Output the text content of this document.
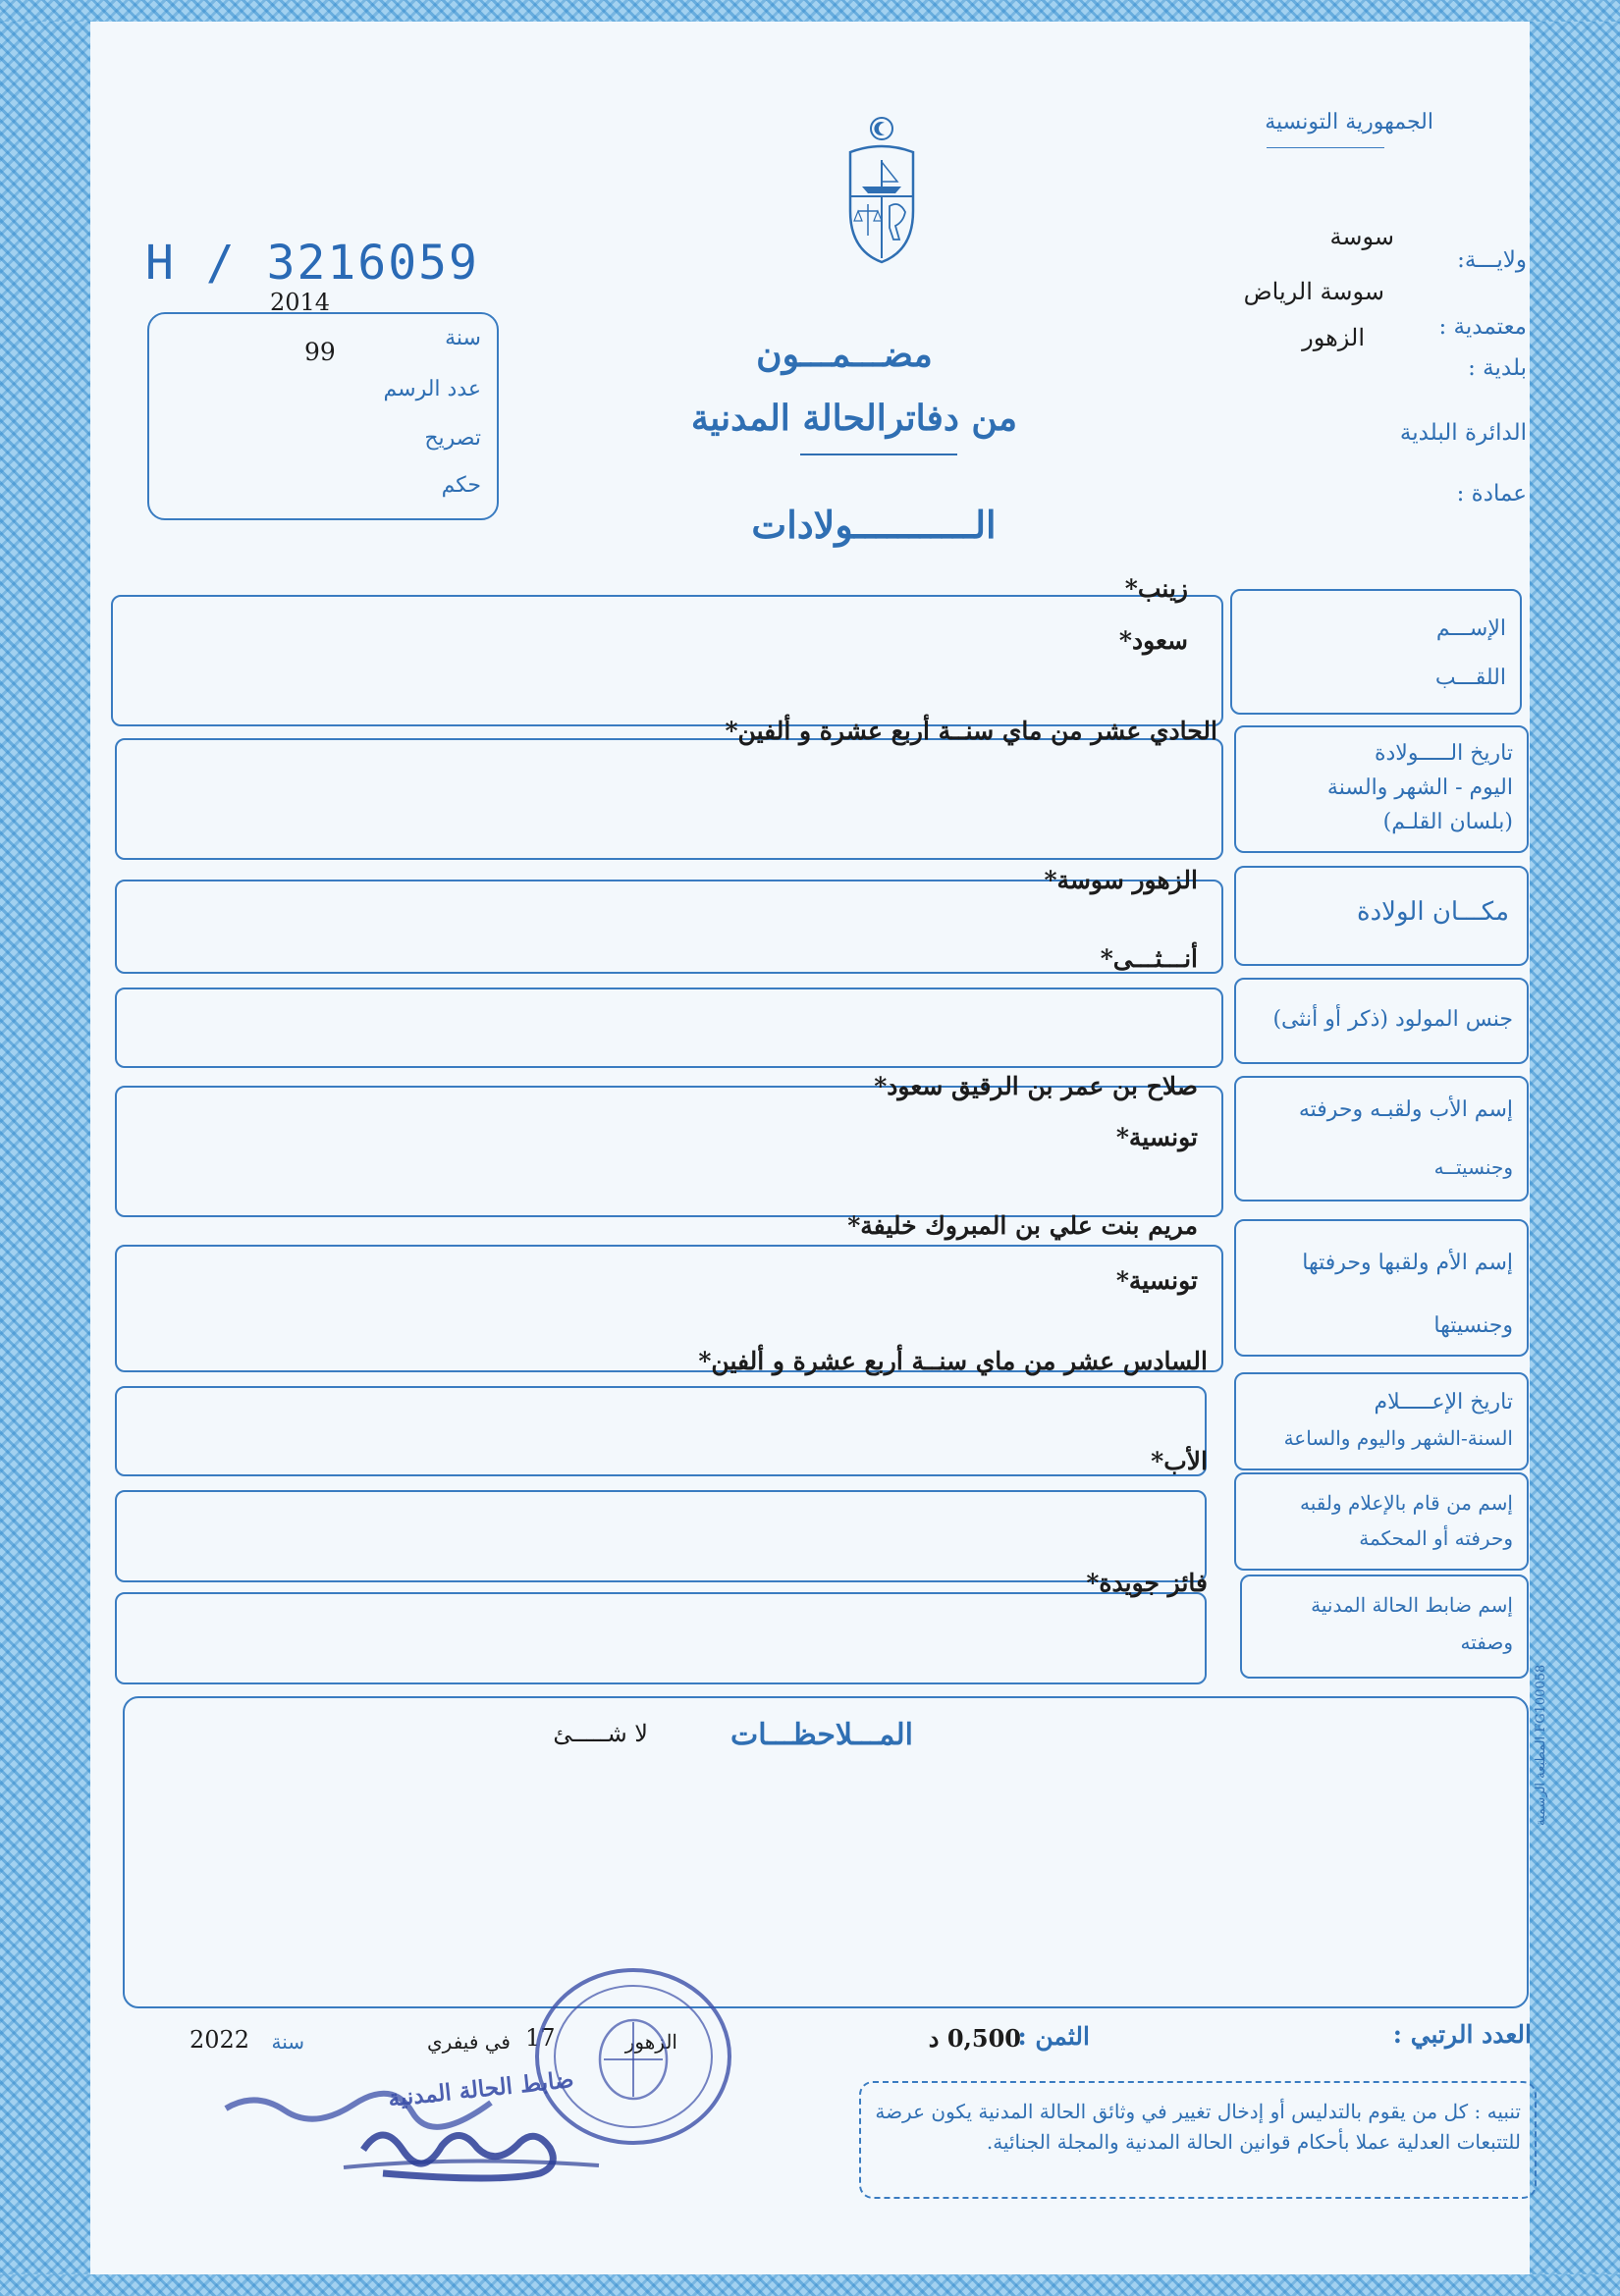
الجمهورية التونسية
ولايـــة:
سوسة
معتمدية :
سوسة الرياض
بلدية :
الزهور
الدائرة البلدية
عمادة :
H / 3216059
2014
سنة
99
عدد الرسم
تصريح
حكم
مضـــمـــون
من دفاترالحالة المدنية
الـــــــــــولادات
الإســـم
اللقـــب
زينب *
سعود *
تاريخ الـــــولادة
اليوم - الشهر والسنة
(بلسان القلـم)
الحادي عشر من ماي سنــة أربع عشرة و ألفين *
مكـــان الولادة
الزهور سوسة *
جنس المولود (ذكر أو أنثى)
أنـــثـــى *
إسم الأب ولقبـه وحرفته
وجنسيتــه
صلاح بن عمر بن الرقيق سعود *
تونسية *
إسم الأم ولقبها وحرفتها
وجنسيتها
مريم بنت علي بن المبروك خليفة *
تونسية *
تاريخ الإعـــــلام
السنة-الشهر واليوم والساعة
السادس عشر من ماي سنــة أربع عشرة و ألفين *
إسم من قام بالإعلام ولقبه
وحرفته أو المحكمة
الأب *
إسم ضابط الحالة المدنية
وصفته
فائز جويدة *
المـــلاحظـــات
لا شـــــئ
المطبعة الرسمية FG100058
العدد الرتبي :
الثمن :
0,500 د
الزهور
17
في فيفري
سنة
2022
ضابط الحالة المدنية	تنبيه : كل من يقوم بالتدليس أو إدخال تغيير في وثائق الحالة المدنية يكون عرضة للتتبعات العدلية عملا بأحكام قوانين الحالة المدنية والمجلة الجنائية.
